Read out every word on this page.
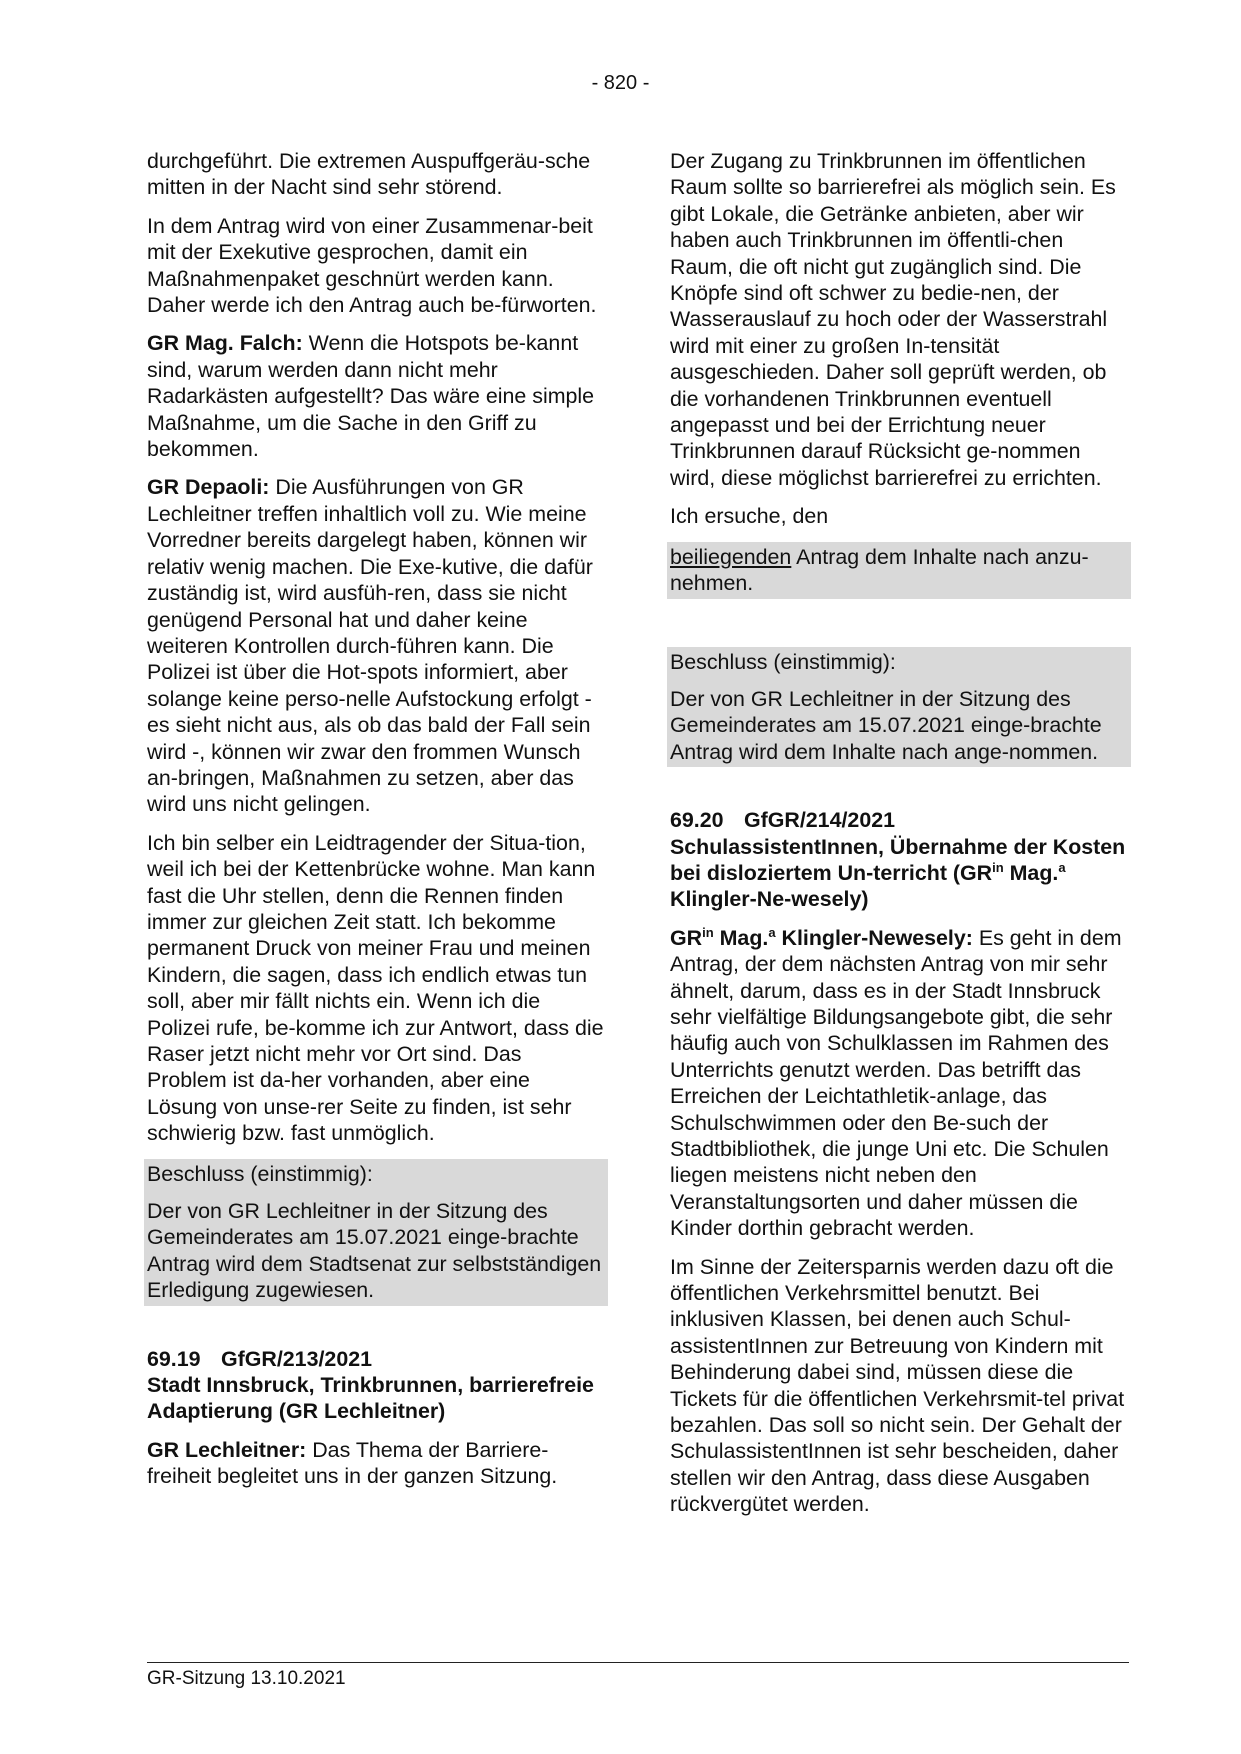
- 820 -

durchgeführt. Die extremen Auspuffgeräu-sche mitten in der Nacht sind sehr störend.

In dem Antrag wird von einer Zusammenar-beit mit der Exekutive gesprochen, damit ein Maßnahmenpaket geschnürt werden kann. Daher werde ich den Antrag auch be-fürworten.

GR Mag. Falch: Wenn die Hotspots be-kannt sind, warum werden dann nicht mehr Radarkästen aufgestellt? Das wäre eine simple Maßnahme, um die Sache in den Griff zu bekommen.

GR Depaoli: Die Ausführungen von GR Lechleitner treffen inhaltlich voll zu. Wie meine Vorredner bereits dargelegt haben, können wir relativ wenig machen. Die Exe-kutive, die dafür zuständig ist, wird ausfüh-ren, dass sie nicht genügend Personal hat und daher keine weiteren Kontrollen durch-führen kann. Die Polizei ist über die Hot-spots informiert, aber solange keine perso-nelle Aufstockung erfolgt - es sieht nicht aus, als ob das bald der Fall sein wird -, können wir zwar den frommen Wunsch an-bringen, Maßnahmen zu setzen, aber das wird uns nicht gelingen.

Ich bin selber ein Leidtragender der Situa-tion, weil ich bei der Kettenbrücke wohne. Man kann fast die Uhr stellen, denn die Rennen finden immer zur gleichen Zeit statt. Ich bekomme permanent Druck von meiner Frau und meinen Kindern, die sagen, dass ich endlich etwas tun soll, aber mir fällt nichts ein. Wenn ich die Polizei rufe, be-komme ich zur Antwort, dass die Raser jetzt nicht mehr vor Ort sind. Das Problem ist da-her vorhanden, aber eine Lösung von unse-rer Seite zu finden, ist sehr schwierig bzw. fast unmöglich.

Beschluss (einstimmig):

Der von GR Lechleitner in der Sitzung des Gemeinderates am 15.07.2021 einge-brachte Antrag wird dem Stadtsenat zur selbstständigen Erledigung zugewiesen.

69.19 GfGR/213/2021

Stadt Innsbruck, Trinkbrunnen, barrierefreie Adaptierung (GR Lechleitner)

GR Lechleitner: Das Thema der Barriere-freiheit begleitet uns in der ganzen Sitzung.

Der Zugang zu Trinkbrunnen im öffentlichen Raum sollte so barrierefrei als möglich sein. Es gibt Lokale, die Getränke anbieten, aber wir haben auch Trinkbrunnen im öffentli-chen Raum, die oft nicht gut zugänglich sind. Die Knöpfe sind oft schwer zu bedie-nen, der Wasserauslauf zu hoch oder der Wasserstrahl wird mit einer zu großen In-tensität ausgeschieden. Daher soll geprüft werden, ob die vorhandenen Trinkbrunnen eventuell angepasst und bei der Errichtung neuer Trinkbrunnen darauf Rücksicht ge-nommen wird, diese möglichst barrierefrei zu errichten.

Ich ersuche, den

beiliegenden Antrag dem Inhalte nach anzu-nehmen.

Beschluss (einstimmig):

Der von GR Lechleitner in der Sitzung des Gemeinderates am 15.07.2021 einge-brachte Antrag wird dem Inhalte nach ange-nommen.

69.20 GfGR/214/2021

SchulassistentInnen, Übernahme der Kosten bei disloziertem Un-terricht ($GR^{in}$ Mag.$^a$ Klingler-Ne-wesely)

$GR^{in}$ Mag.$^a$ Klingler-Newesely: Es geht in dem Antrag, der dem nächsten Antrag von mir sehr ähnelt, darum, dass es in der Stadt Innsbruck sehr vielfältige Bildungsangebote gibt, die sehr häufig auch von Schulklassen im Rahmen des Unterrichts genutzt werden. Das betrifft das Erreichen der Leichtathletik-anlage, das Schulschwimmen oder den Be-such der Stadtbibliothek, die junge Uni etc. Die Schulen liegen meistens nicht neben den Veranstaltungsorten und daher müssen die Kinder dorthin gebracht werden.

Im Sinne der Zeitersparnis werden dazu oft die öffentlichen Verkehrsmittel benutzt. Bei inklusiven Klassen, bei denen auch Schul-assistentInnen zur Betreuung von Kindern mit Behinderung dabei sind, müssen diese die Tickets für die öffentlichen Verkehrsmit-tel privat bezahlen. Das soll so nicht sein. Der Gehalt der SchulassistentInnen ist sehr bescheiden, daher stellen wir den Antrag, dass diese Ausgaben rückvergütet werden.

GR-Sitzung 13.10.2021
